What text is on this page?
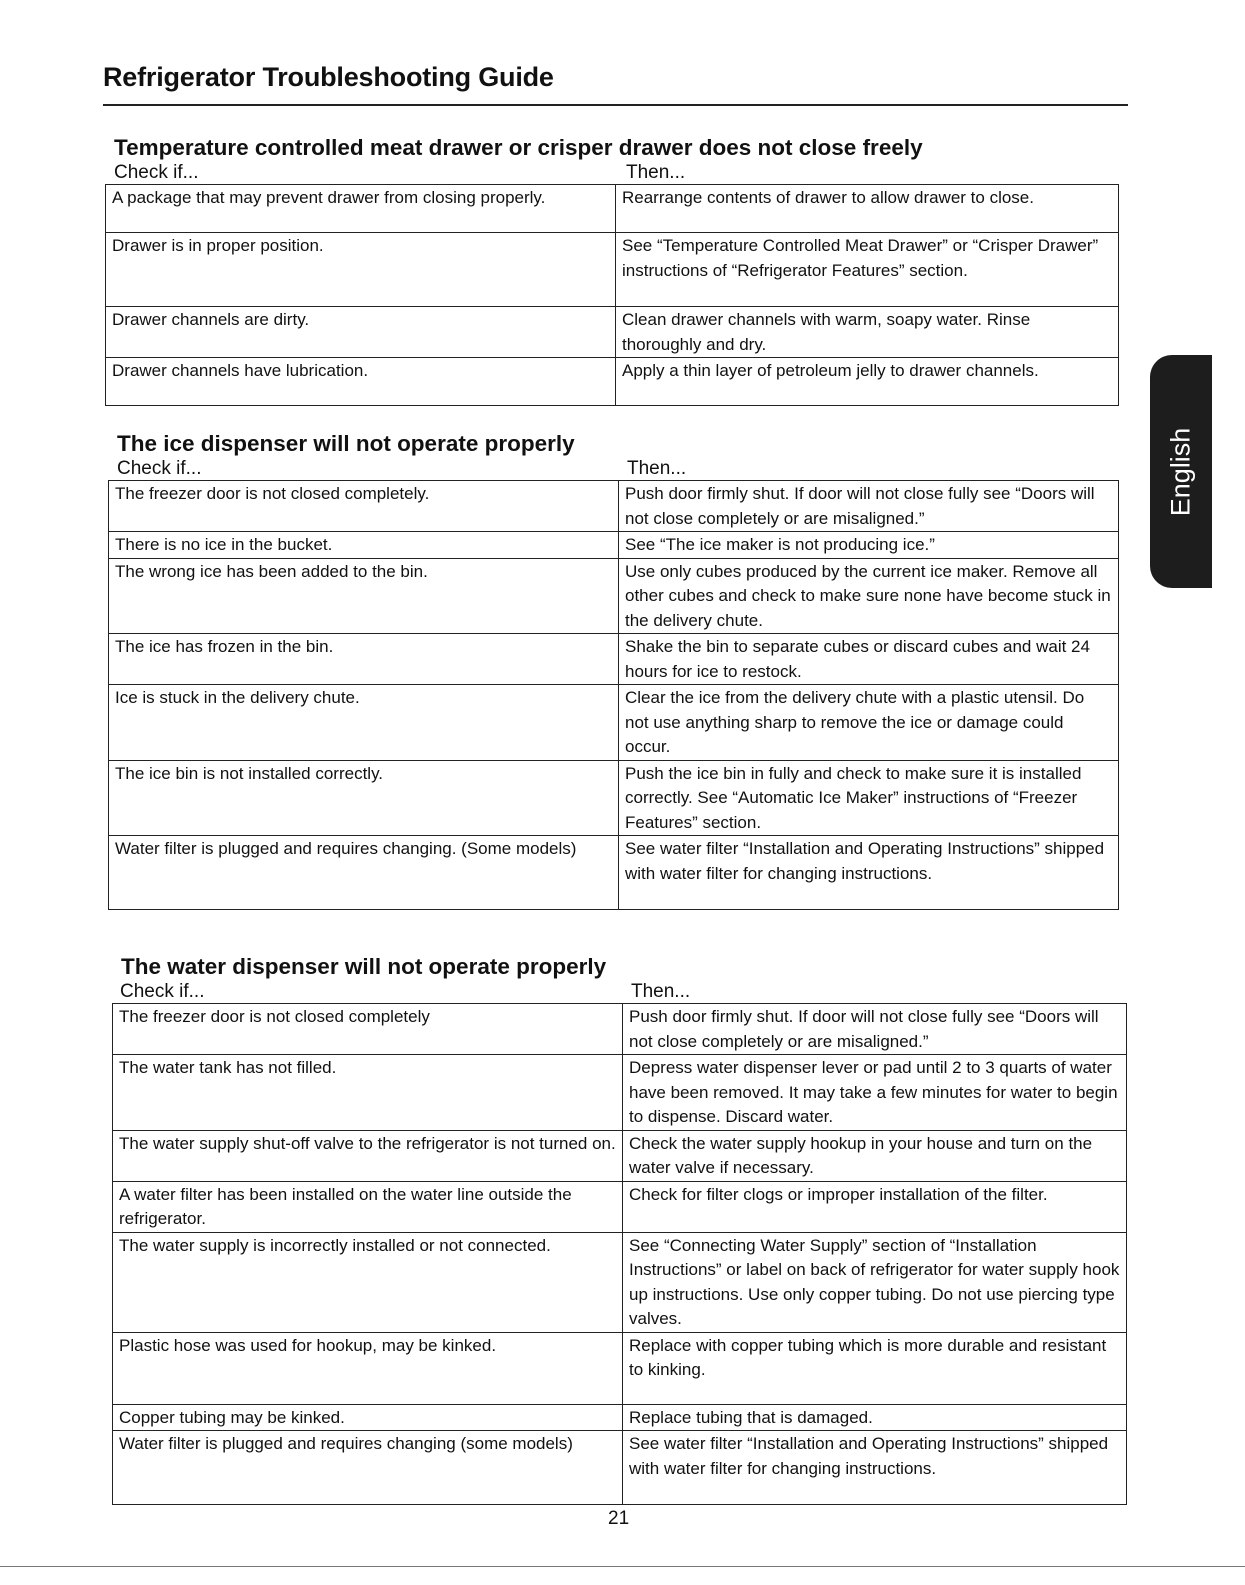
Refrigerator Troubleshooting Guide
Temperature controlled meat drawer or crisper drawer does not close freely
Check if...	Then...
A package that may prevent drawer from closing properly.	Rearrange contents of drawer to allow drawer to close.
Drawer is in proper position.	See “Temperature Controlled Meat Drawer” or “Crisper Drawer” instructions of “Refrigerator Features” section.
Drawer channels are dirty.	Clean drawer channels with warm, soapy water. Rinse thoroughly and dry.
Drawer channels have lubrication.	Apply a thin layer of petroleum jelly to drawer channels.
The ice dispenser will not operate properly
Check if...	Then...
The freezer door is not closed completely.	Push door firmly shut. If door will not close fully see “Doors will not close completely or are misaligned.”
There is no ice in the bucket.	See “The ice maker is not producing ice.”
The wrong ice has been added to the bin.	Use only cubes produced by the current ice maker. Remove all other cubes and check to make sure none have become stuck in the delivery chute.
The ice has frozen in the bin.	Shake the bin to separate cubes or discard cubes and wait 24 hours for ice to restock.
Ice is stuck in the delivery chute.	Clear the ice from the delivery chute with a plastic utensil. Do not use anything sharp to remove the ice or damage could occur.
The ice bin is not installed correctly.	Push the ice bin in fully and check to make sure it is installed correctly. See “Automatic Ice Maker” instructions of “Freezer Features” section.
Water filter is plugged and requires changing. (Some models)	See water filter “Installation and Operating Instructions” shipped with water filter for changing instructions.
The water dispenser will not operate properly
Check if...	Then...
The freezer door is not closed completely	Push door firmly shut. If door will not close fully see “Doors will not close completely or are misaligned.”
The water tank has not filled.	Depress water dispenser lever or pad until 2 to 3 quarts of water have been removed. It may take a few minutes for water to begin to dispense. Discard water.
The water supply shut-off valve to the refrigerator is not turned on.	Check the water supply hookup in your house and turn on the water valve if necessary.
A water filter has been installed on the water line outside the refrigerator.	Check for filter clogs or improper installation of the filter.
The water supply is incorrectly installed or not connected.	See “Connecting Water Supply” section of “Installation Instructions” or label on back of refrigerator for water supply hook up instructions. Use only copper tubing. Do not use piercing type valves.
Plastic hose was used for hookup, may be kinked.	Replace with copper tubing which is more durable and resistant to kinking.
Copper tubing may be kinked.	Replace tubing that is damaged.
Water filter is plugged and requires changing (some models)	See water filter “Installation and Operating Instructions” shipped with water filter for changing instructions.
English
21
